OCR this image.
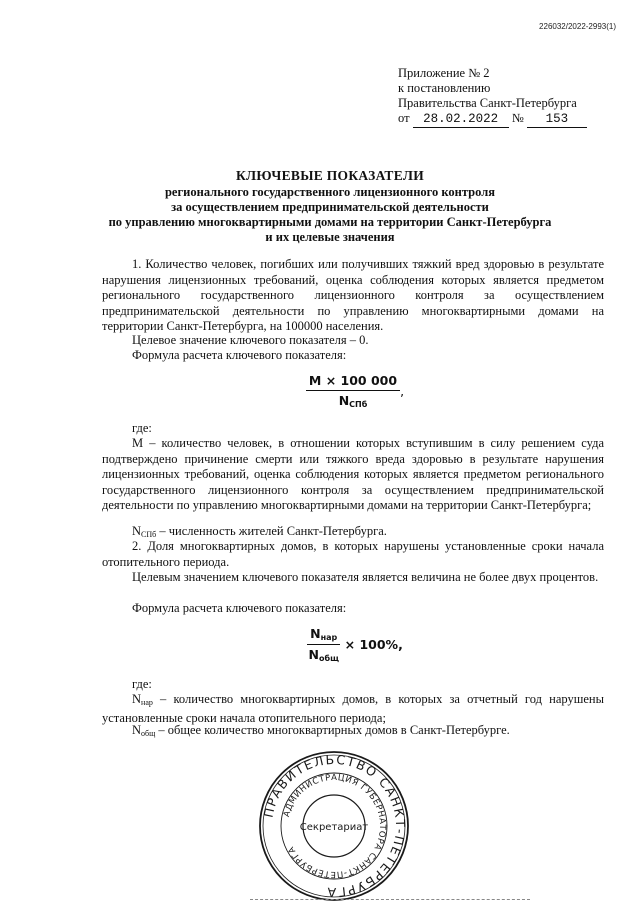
226032/2022-2993(1)
Приложение № 2
к постановлению
Правительства Санкт-Петербурга
от 28.02.2022 № 153
КЛЮЧЕВЫЕ ПОКАЗАТЕЛИ
регионального государственного лицензионного контроля
за осуществлением предпринимательской деятельности
по управлению многоквартирными домами на территории Санкт-Петербурга
и их целевые значения

1. Количество человек, погибших или получивших тяжкий вред здоровью в результате нарушения лицензионных требований, оценка соблюдения которых является предметом регионального государственного лицензионного контроля за осуществлением предпринимательской деятельности по управлению многоквартирными домами на территории Санкт-Петербурга, на 100000 населения.

Целевое значение ключевого показателя – 0.

Формула расчета ключевого показателя:

$\frac{M \times 100 000}{N_{СПб}}$ ,

где:

М – количество человек, в отношении которых вступившим в силу решением суда подтверждено причинение смерти или тяжкого вреда здоровью в результате нарушения лицензионных требований, оценка соблюдения которых является предметом регионального государственного лицензионного контроля за осуществлением предпринимательской деятельности по управлению многоквартирными домами на территории Санкт-Петербурга;

$N_{СПб}$ – численность жителей Санкт-Петербурга.

2. Доля многоквартирных домов, в которых нарушены установленные сроки начала отопительного периода.

Целевым значением ключевого показателя является величина не более двух процентов.

Формула расчета ключевого показателя:

$\frac{N_{нар}}{N_{общ}} \times 100\%$,

где:

$N_{нар}$ – количество многоквартирных домов, в которых за отчетный год нарушены установленные сроки начала отопительного периода;

$N_{общ}$ – общее количество многоквартирных домов в Санкт-Петербурге.

ПРАВИТЕЛЬСТВО САНКТ-ПЕТЕРБУРГА
АДМИНИСТРАЦИЯ ГУБЕРНАТОРА САНКТ-ПЕТЕРБУРГА
Секретариат
